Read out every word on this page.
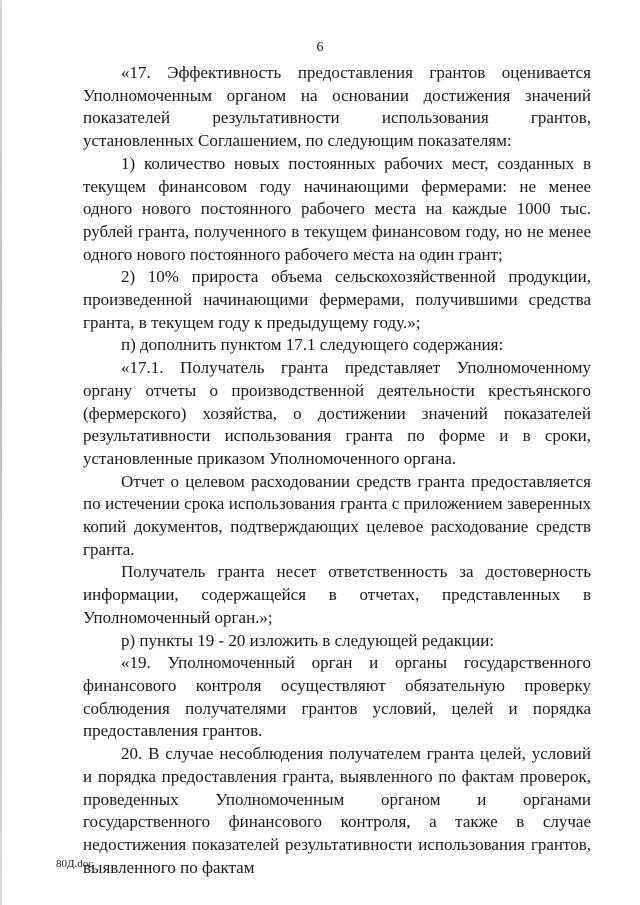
6

«17. Эффективность предоставления грантов оценивается Уполномоченным органом на основании достижения значений показателей результативности использования грантов, установленных Соглашением, по следующим показателям:

1) количество новых постоянных рабочих мест, созданных в текущем финансовом году начинающими фермерами: не менее одного нового постоянного рабочего места на каждые 1000 тыс. рублей гранта, полученного в текущем финансовом году, но не менее одного нового постоянного рабочего места на один грант;

2) 10% прироста объема сельскохозяйственной продукции, произведенной начинающими фермерами, получившими средства гранта, в текущем году к предыдущему году.»;

п) дополнить пунктом 17.1 следующего содержания:

«17.1. Получатель гранта представляет Уполномоченному органу отчеты о производственной деятельности крестьянского (фермерского) хозяйства, о достижении значений показателей результативности использования гранта по форме и в сроки, установленные приказом Уполномоченного органа.

Отчет о целевом расходовании средств гранта предоставляется по истечении срока использования гранта с приложением заверенных копий документов, подтверждающих целевое расходование средств гранта.

Получатель гранта несет ответственность за достоверность информации, содержащейся в отчетах, представленных в Уполномоченный орган.»;

р) пункты 19 - 20 изложить в следующей редакции:

«19. Уполномоченный орган и органы государственного финансового контроля осуществляют обязательную проверку соблюдения получателями грантов условий, целей и порядка предоставления грантов.

20. В случае несоблюдения получателем гранта целей, условий и порядка предоставления гранта, выявленного по фактам проверок, проведенных Уполномоченным органом и органами государственного финансового контроля, а также в случае недостижения показателей результативности использования грантов, выявленного по фактам

80Д.doc
